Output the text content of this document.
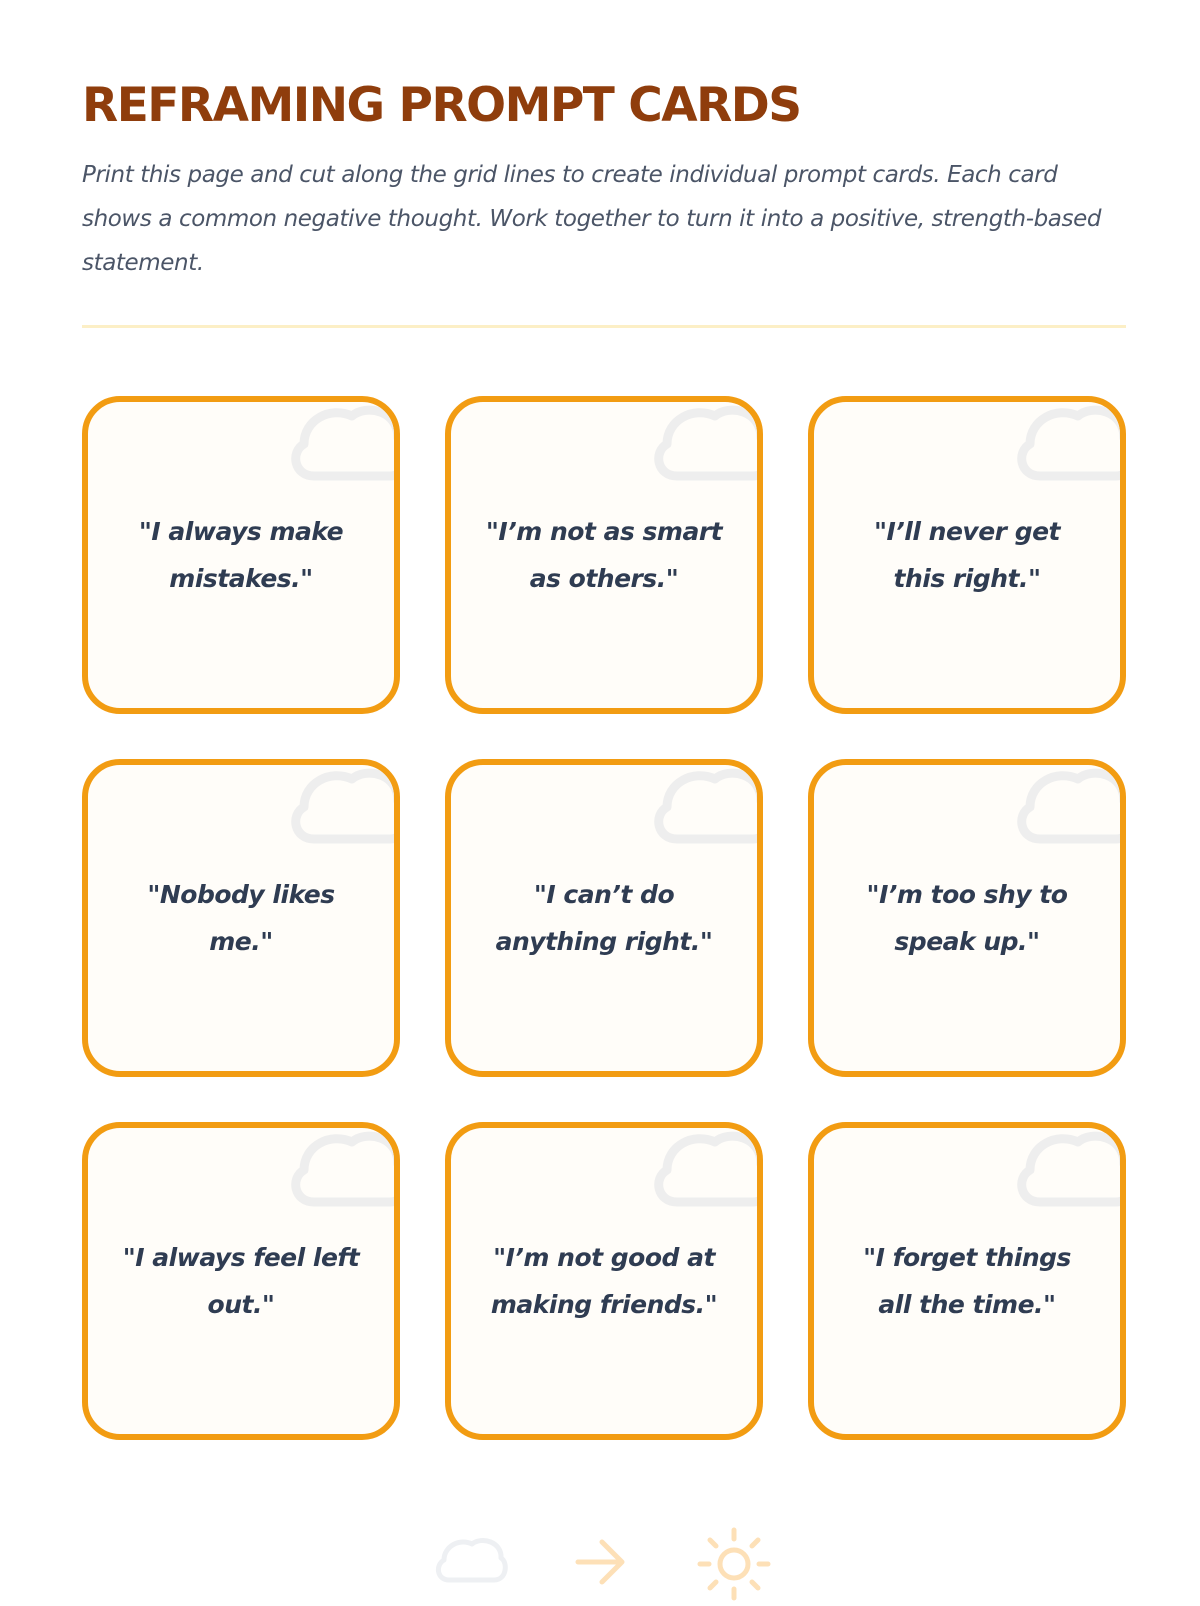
REFRAMING PROMPT CARDS

Print this page and cut along the grid lines to create individual prompt cards. Each card shows a common negative thought. Work together to turn it into a positive, strength-based statement.

"I always make mistakes."

"I’m not as smart as others."

"I’ll never get this right."

"Nobody likes me."

"I can’t do anything right."

"I’m too shy to speak up."

"I always feel left out."

"I’m not good at making friends."

"I forget things all the time."
